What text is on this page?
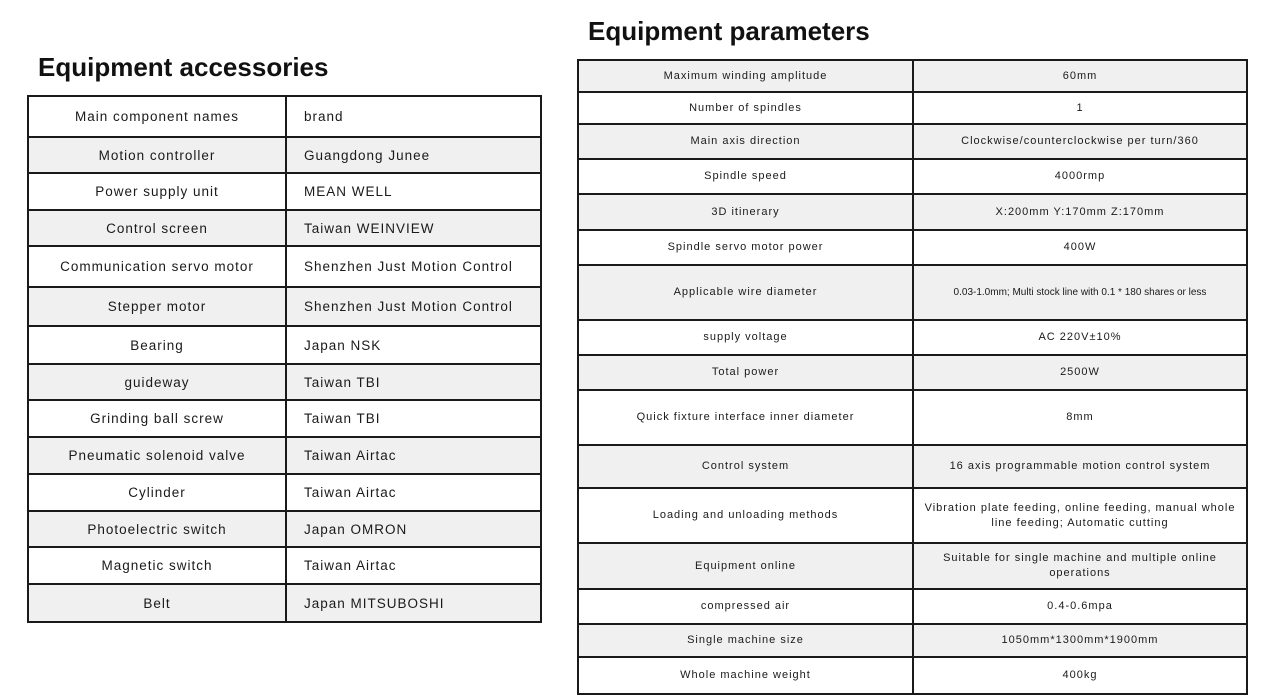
Equipment accessories
Equipment parameters
Main component names	brand
Motion controller	Guangdong Junee
Power supply unit	MEAN WELL
Control screen	Taiwan WEINVIEW
Communication servo motor	Shenzhen Just Motion Control
Stepper motor	Shenzhen Just Motion Control
Bearing	Japan NSK
guideway	Taiwan TBI
Grinding ball screw	Taiwan TBI
Pneumatic solenoid valve	Taiwan Airtac
Cylinder	Taiwan Airtac
Photoelectric switch	Japan OMRON
Magnetic switch	Taiwan Airtac
Belt	Japan MITSUBOSHI
Maximum winding amplitude	60mm
Number of spindles	1
Main axis direction	Clockwise/counterclockwise per turn/360
Spindle speed	4000rmp
3D itinerary	X:200mm Y:170mm Z:170mm
Spindle servo motor power	400W
Applicable wire diameter	0.03-1.0mm; Multi stock line with 0.1 * 180 shares or less
supply voltage	AC 220V±10%
Total power	2500W
Quick fixture interface inner diameter	8mm
Control system	16 axis programmable motion control system
Loading and unloading methods	Vibration plate feeding, online feeding, manual whole line feeding; Automatic cutting
Equipment online	Suitable for single machine and multiple online operations
compressed air	0.4-0.6mpa
Single machine size	1050mm*1300mm*1900mm
Whole machine weight	400kg
